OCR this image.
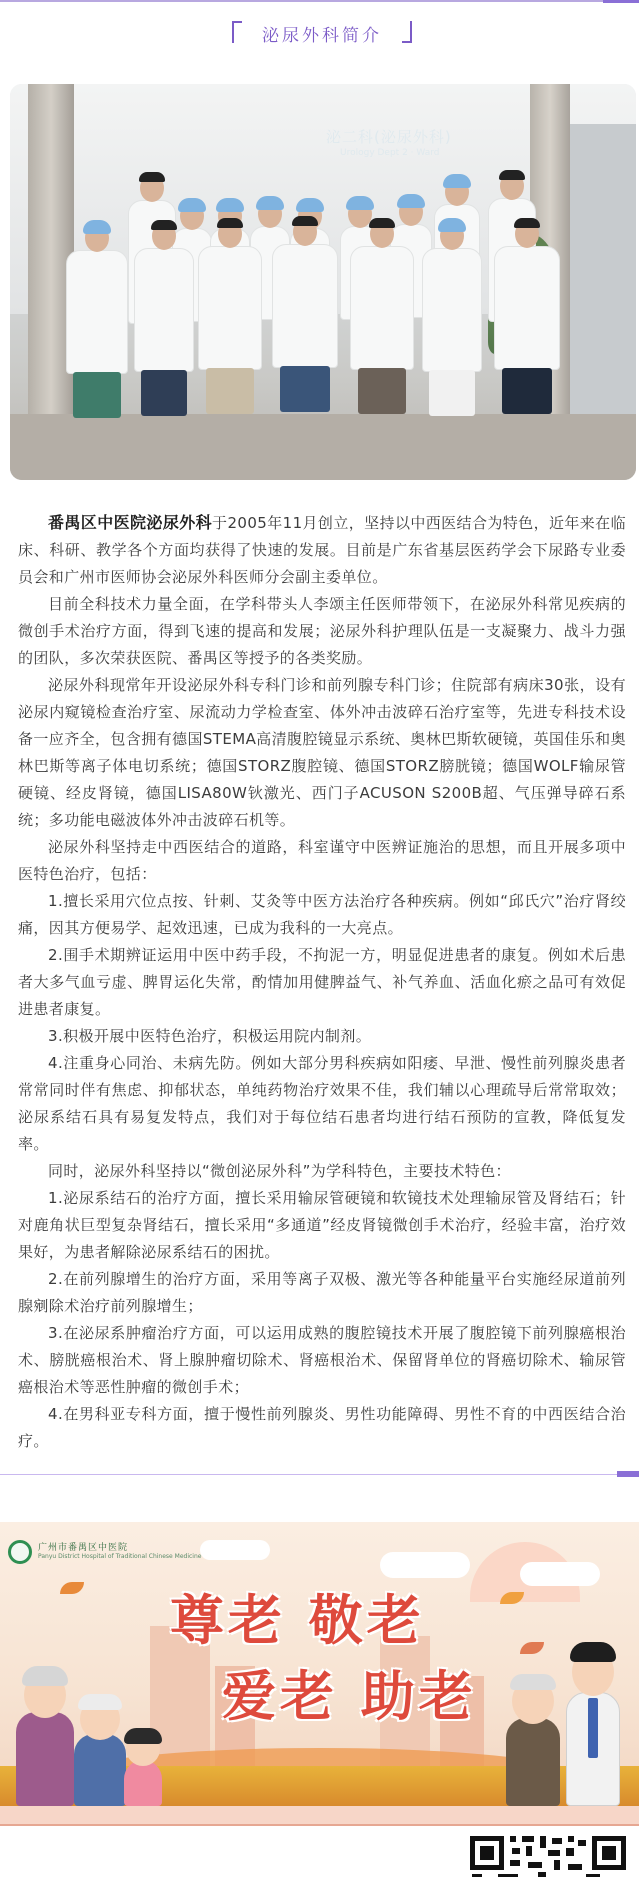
泌尿外科简介
泌二科(泌尿外科)
Urology Dept 2 · Ward

番禺区中医院泌尿外科于2005年11月创立，坚持以中西医结合为特色，近年来在临床、科研、教学各个方面均获得了快速的发展。目前是广东省基层医药学会下尿路专业委员会和广州市医师协会泌尿外科医师分会副主委单位。

目前全科技术力量全面，在学科带头人李颂主任医师带领下，在泌尿外科常见疾病的微创手术治疗方面，得到飞速的提高和发展；泌尿外科护理队伍是一支凝聚力、战斗力强的团队，多次荣获医院、番禺区等授予的各类奖励。

泌尿外科现常年开设泌尿外科专科门诊和前列腺专科门诊；住院部有病床30张，设有泌尿内窥镜检查治疗室、尿流动力学检查室、体外冲击波碎石治疗室等，先进专科技术设备一应齐全，包含拥有德国STEMA高清腹腔镜显示系统、奥林巴斯软硬镜，英国佳乐和奥林巴斯等离子体电切系统；德国STORZ腹腔镜、德国STORZ膀胱镜；德国WOLF输尿管硬镜、经皮肾镜，德国LISA80W钬激光、西门子ACUSON S200B超、气压弹导碎石系统；多功能电磁波体外冲击波碎石机等。

泌尿外科坚持走中西医结合的道路，科室谨守中医辨证施治的思想，而且开展多项中医特色治疗，包括：

1.擅长采用穴位点按、针刺、艾灸等中医方法治疗各种疾病。例如“邱氏穴”治疗肾绞痛，因其方便易学、起效迅速，已成为我科的一大亮点。

2.围手术期辨证运用中医中药手段，不拘泥一方，明显促进患者的康复。例如术后患者大多气血亏虚、脾胃运化失常，酌情加用健脾益气、补气养血、活血化瘀之品可有效促进患者康复。

3.积极开展中医特色治疗，积极运用院内制剂。

4.注重身心同治、未病先防。例如大部分男科疾病如阳痿、早泄、慢性前列腺炎患者常常同时伴有焦虑、抑郁状态，单纯药物治疗效果不佳，我们辅以心理疏导后常常取效；泌尿系结石具有易复发特点，我们对于每位结石患者均进行结石预防的宣教，降低复发率。

同时，泌尿外科坚持以“微创泌尿外科”为学科特色，主要技术特色：

1.泌尿系结石的治疗方面，擅长采用输尿管硬镜和软镜技术处理输尿管及肾结石；针对鹿角状巨型复杂肾结石，擅长采用“多通道”经皮肾镜微创手术治疗，经验丰富，治疗效果好，为患者解除泌尿系结石的困扰。

2.在前列腺增生的治疗方面，采用等离子双极、激光等各种能量平台实施经尿道前列腺剜除术治疗前列腺增生；

3.在泌尿系肿瘤治疗方面，可以运用成熟的腹腔镜技术开展了腹腔镜下前列腺癌根治术、膀胱癌根治术、肾上腺肿瘤切除术、肾癌根治术、保留肾单位的肾癌切除术、输尿管癌根治术等恶性肿瘤的微创手术；

4.在男科亚专科方面，擅于慢性前列腺炎、男性功能障碍、男性不育的中西医结合治疗。

广州市番禺区中医院
Panyu District Hospital of Traditional Chinese Medicine
尊老 敬老
爱老 助老
